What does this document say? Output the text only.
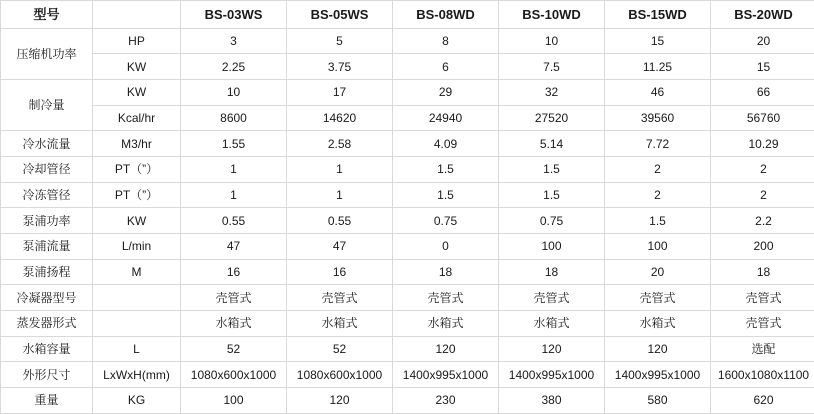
型号		BS-03WS	BS-05WS	BS-08WD	BS-10WD	BS-15WD	BS-20WD
压缩机功率	HP	3	5	8	10	15	20
	KW	2.25	3.75	6	7.5	11.25	15
制冷量	KW	10	17	29	32	46	66
	Kcal/hr	8600	14620	24940	27520	39560	56760
冷水流量	M3/hr	1.55	2.58	4.09	5.14	7.72	10.29
冷却管径	PT（”）	1	1	1.5	1.5	2	2
冷冻管径	PT（”）	1	1	1.5	1.5	2	2
泵浦功率	KW	0.55	0.55	0.75	0.75	1.5	2.2
泵浦流量	L/min	47	47	0	100	100	200
泵浦扬程	M	16	16	18	18	20	18
冷凝器型号		壳管式	壳管式	壳管式	壳管式	壳管式	壳管式
蒸发器形式		水箱式	水箱式	水箱式	水箱式	水箱式	壳管式
水箱容量	L	52	52	120	120	120	选配
外形尺寸	LxWxH(mm)	1080x600x1000	1080x600x1000	1400x995x1000	1400x995x1000	1400x995x1000	1600x1080x1100
重量	KG	100	120	230	380	580	620
